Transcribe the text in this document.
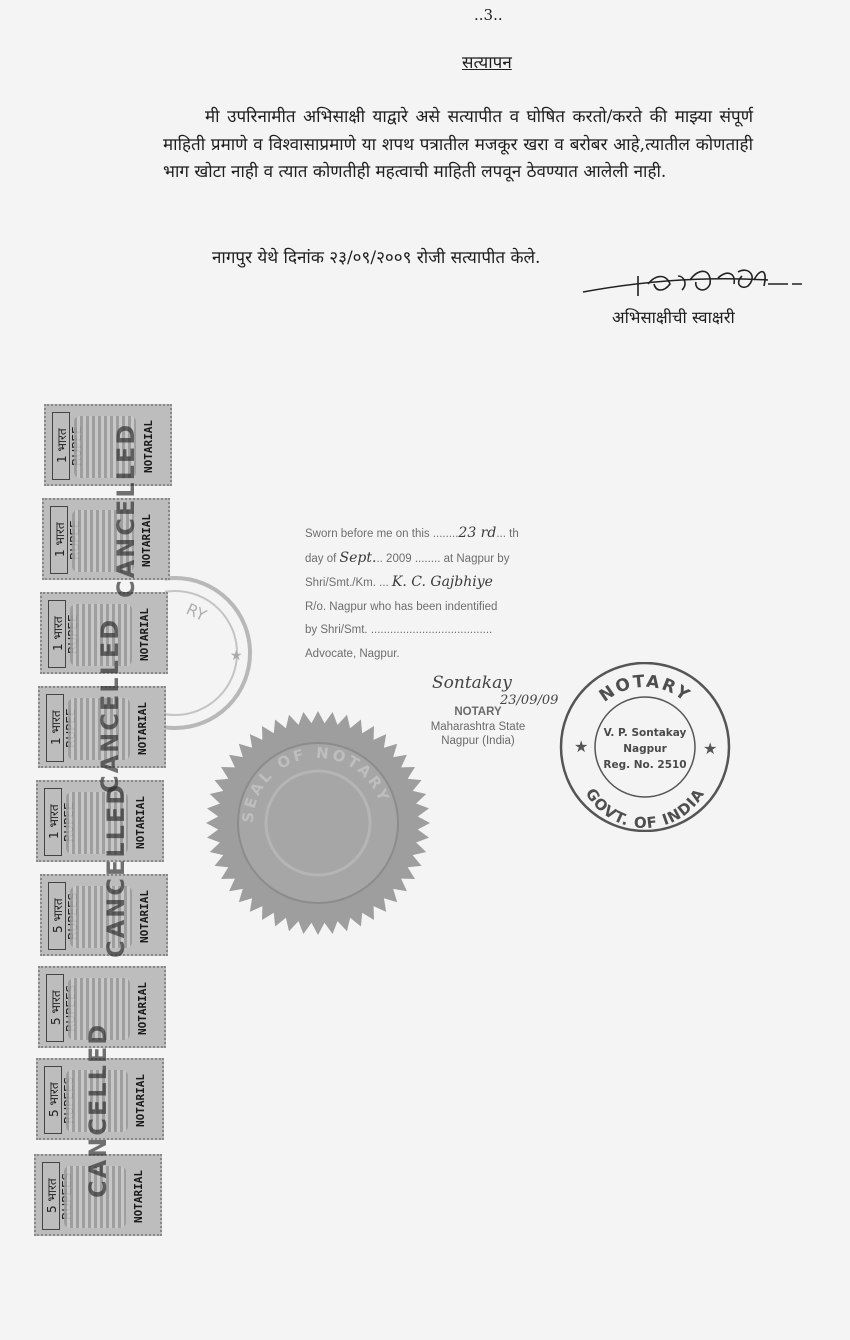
..3..
सत्यापन
मी उपरिनामीत अभिसाक्षी याद्वारे असे सत्यापीत व घोषित करतो/करते की माझ्या संपूर्ण माहिती प्रमाणे व विश्वासाप्रमाणे या शपथ पत्रातील मजकूर खरा व बरोबर आहे,त्यातील कोणताही भाग खोटा नाही व त्यात कोणतीही महत्वाची माहिती लपवून ठेवण्यात आलेली नाही.
नागपुर येथे दिनांक २३/०९/२००९ रोजी सत्यापीत केले.
अभिसाक्षीची स्वाक्षरी
RY
★
1 भारत	NOTARIAL
1 भारत	NOTARIAL
1 भारत	NOTARIAL
1 भारत	NOTARIAL
1 भारत	NOTARIAL
5 भारत	NOTARIAL
5 भारत	NOTARIAL
5 भारत	NOTARIAL
5 भारत	NOTARIAL
CANCELLED
CANCELLED
CANCELLED
CANCELLED
Sworn before me on this ........23 rd... th
day of Sept... 2009 ........ at Nagpur by
Shri/Smt./Km. ... K. C. Gajbhiye
R/o. Nagpur who has been indentified
by Shri/Smt. ......................................
Advocate, Nagpur.
Sontakay
23/09/09
NOTARY
Maharashtra State
Nagpur (India)
SEAL OF NOTARY
NOTARY
GOVT. OF INDIA
★	★
V. P. Sontakay
Nagpur
Reg. No. 2510
